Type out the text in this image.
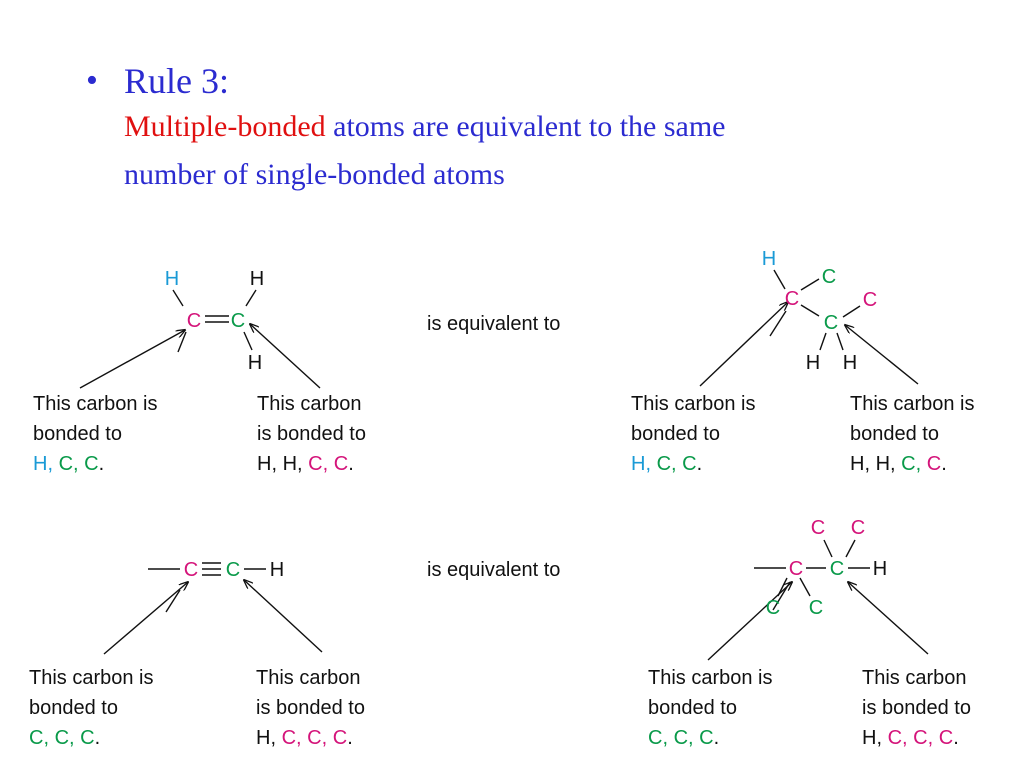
• Rule 3:
Multiple-bonded atoms are equivalent to the same
number of single-bonded atoms
H	H
C C
H
H
C
C	C
C
H H
C C H
C C
C C H
C C
is equivalent to
is equivalent to
This carbon is
bonded to
H, C, C.
This carbon
is bonded to
H, H, C, C.
This carbon is
bonded to
H, C, C.
This carbon is
bonded to
H, H, C, C.
This carbon is
bonded to
C, C, C.
This carbon
is bonded to
H, C, C, C.
This carbon is
bonded to
C, C, C.
This carbon
is bonded to
H, C, C, C.
